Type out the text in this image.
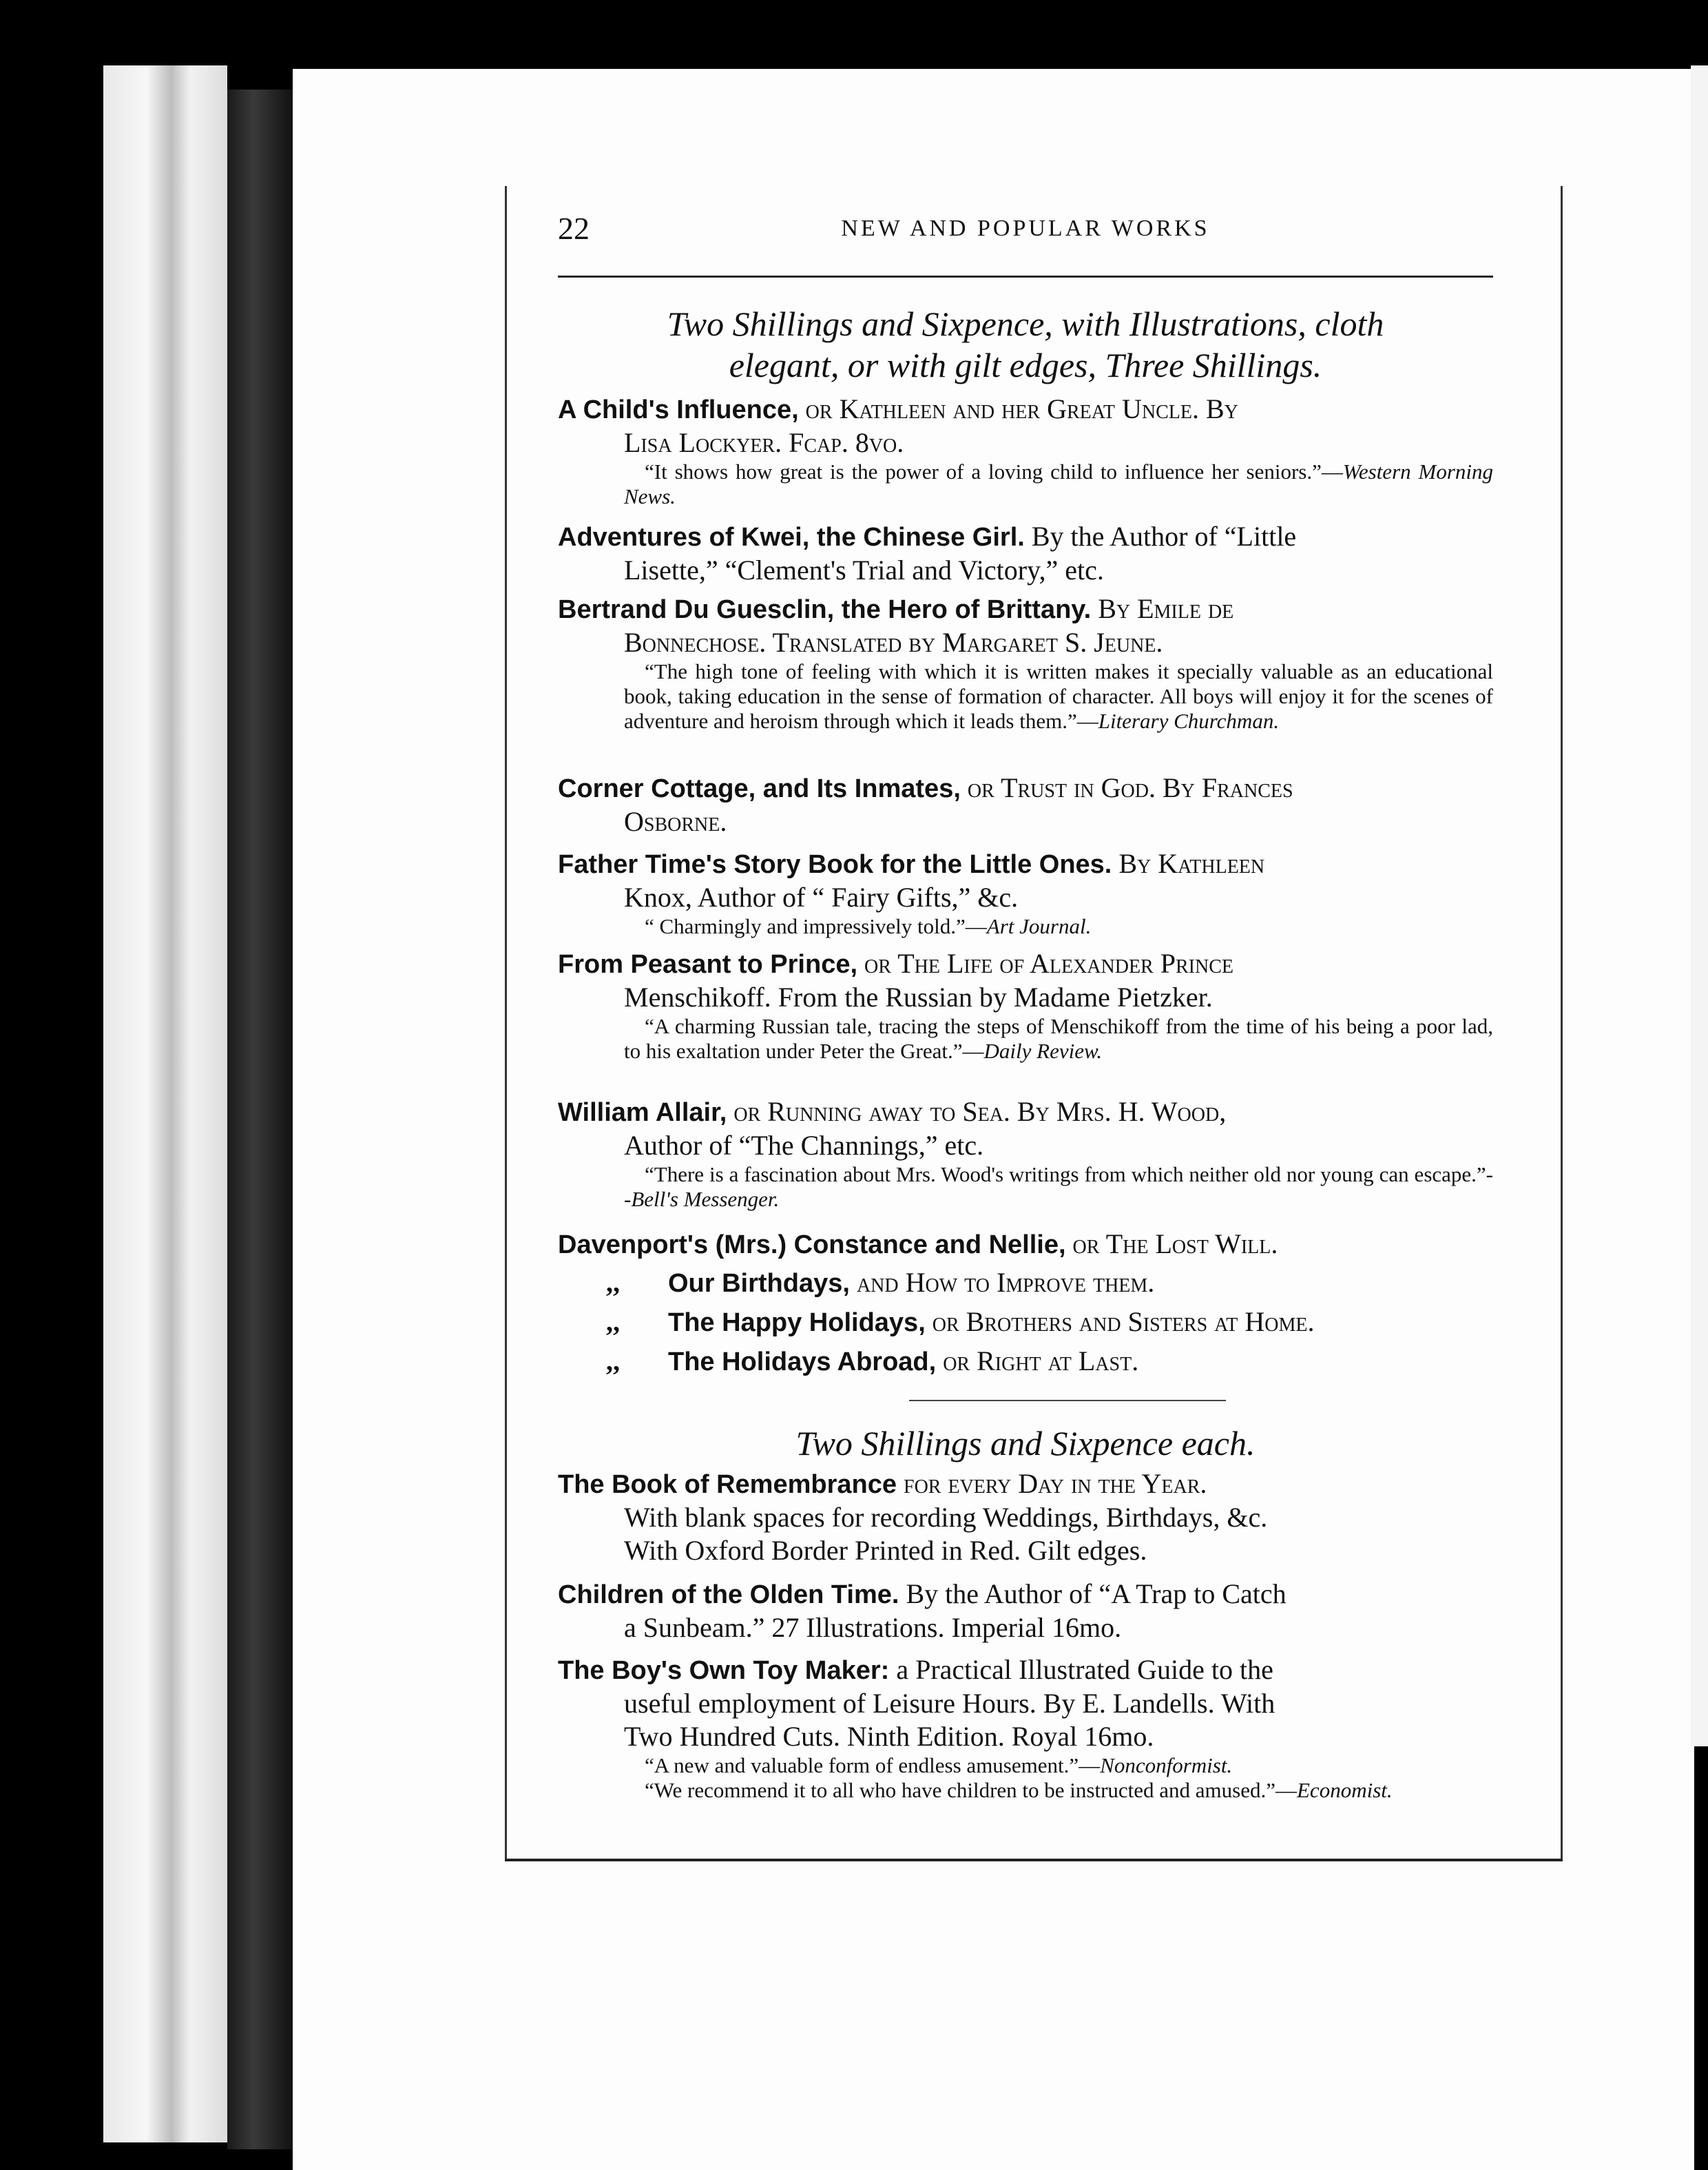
22	NEW AND POPULAR WORKS
Two Shillings and Sixpence, with Illustrations, cloth
elegant, or with gilt edges, Three Shillings.
A Child's Influence, or Kathleen and her Great Uncle. By
Lisa Lockyer. Fcap. 8vo.
“It shows how great is the power of a loving child to influence her seniors.”—Western Morning News.
Adventures of Kwei, the Chinese Girl. By the Author of “Little
Lisette,” “Clement's Trial and Victory,” etc.
Bertrand Du Guesclin, the Hero of Brittany. By Emile de
Bonnechose. Translated by Margaret S. Jeune.
“The high tone of feeling with which it is written makes it specially valuable as an educational book, taking education in the sense of formation of character. All boys will enjoy it for the scenes of adventure and heroism through which it leads them.”—Literary Churchman.
Corner Cottage, and Its Inmates, or Trust in God. By Frances
Osborne.
Father Time's Story Book for the Little Ones. By Kathleen
Knox, Author of “ Fairy Gifts,” &c.
“ Charmingly and impressively told.”—Art Journal.
From Peasant to Prince, or The Life of Alexander Prince
Menschikoff. From the Russian by Madame Pietzker.
“A charming Russian tale, tracing the steps of Menschikoff from the time of his being a poor lad, to his exaltation under Peter the Great.”—Daily Review.
William Allair, or Running away to Sea. By Mrs. H. Wood,
Author of “The Channings,” etc.
“There is a fascination about Mrs. Wood's writings from which neither old nor young can escape.”--Bell's Messenger.
Davenport's (Mrs.) Constance and Nellie, or The Lost Will.
,, Our Birthdays, and How to Improve them.
,, The Happy Holidays, or Brothers and Sisters at Home.
,, The Holidays Abroad, or Right at Last.
Two Shillings and Sixpence each.
The Book of Remembrance for every Day in the Year.
With blank spaces for recording Weddings, Birthdays, &c.
With Oxford Border Printed in Red. Gilt edges.
Children of the Olden Time. By the Author of “A Trap to Catch
a Sunbeam.” 27 Illustrations. Imperial 16mo.
The Boy's Own Toy Maker: a Practical Illustrated Guide to the
useful employment of Leisure Hours. By E. Landells. With
Two Hundred Cuts. Ninth Edition. Royal 16mo.
“A new and valuable form of endless amusement.”—Nonconformist.
“We recommend it to all who have children to be instructed and amused.”—Economist.
